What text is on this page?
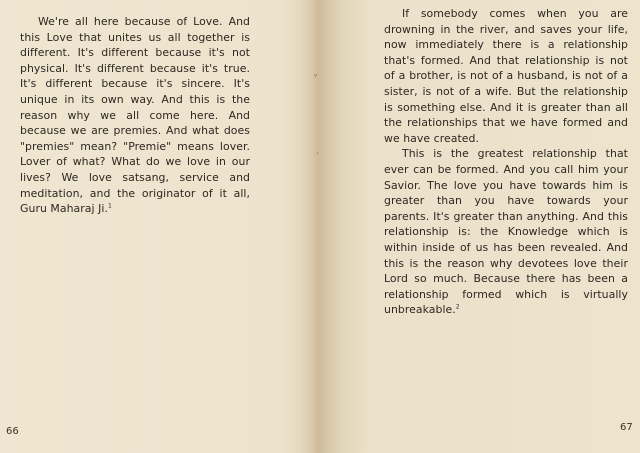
We're all here because of Love. And this Love that unites us all together is different. It's different because it's not physical. It's different because it's true. It's different because it's sincere. It's unique in its own way. And this is the reason why we all come here. And because we are premies. And what does "premies" mean? "Premie" means lover. Lover of what? What do we love in our lives? We love satsang, service and meditation, and the originator of it all, Guru Maharaj Ji.$^1$

66
ᵛ
ˎ

If somebody comes when you are drowning in the river, and saves your life, now immediately there is a relationship that's formed. And that relationship is not of a brother, is not of a husband, is not of a sister, is not of a wife. But the relationship is something else. And it is greater than all the relationships that we have formed and we have created.

This is the greatest relationship that ever can be formed. And you call him your Savior. The love you have towards him is greater than you have towards your parents. It's greater than anything. And this relationship is: the Knowledge which is within inside of us has been revealed. And this is the reason why devotees love their Lord so much. Because there has been a relationship formed which is virtually unbreakable.$^2$

67
